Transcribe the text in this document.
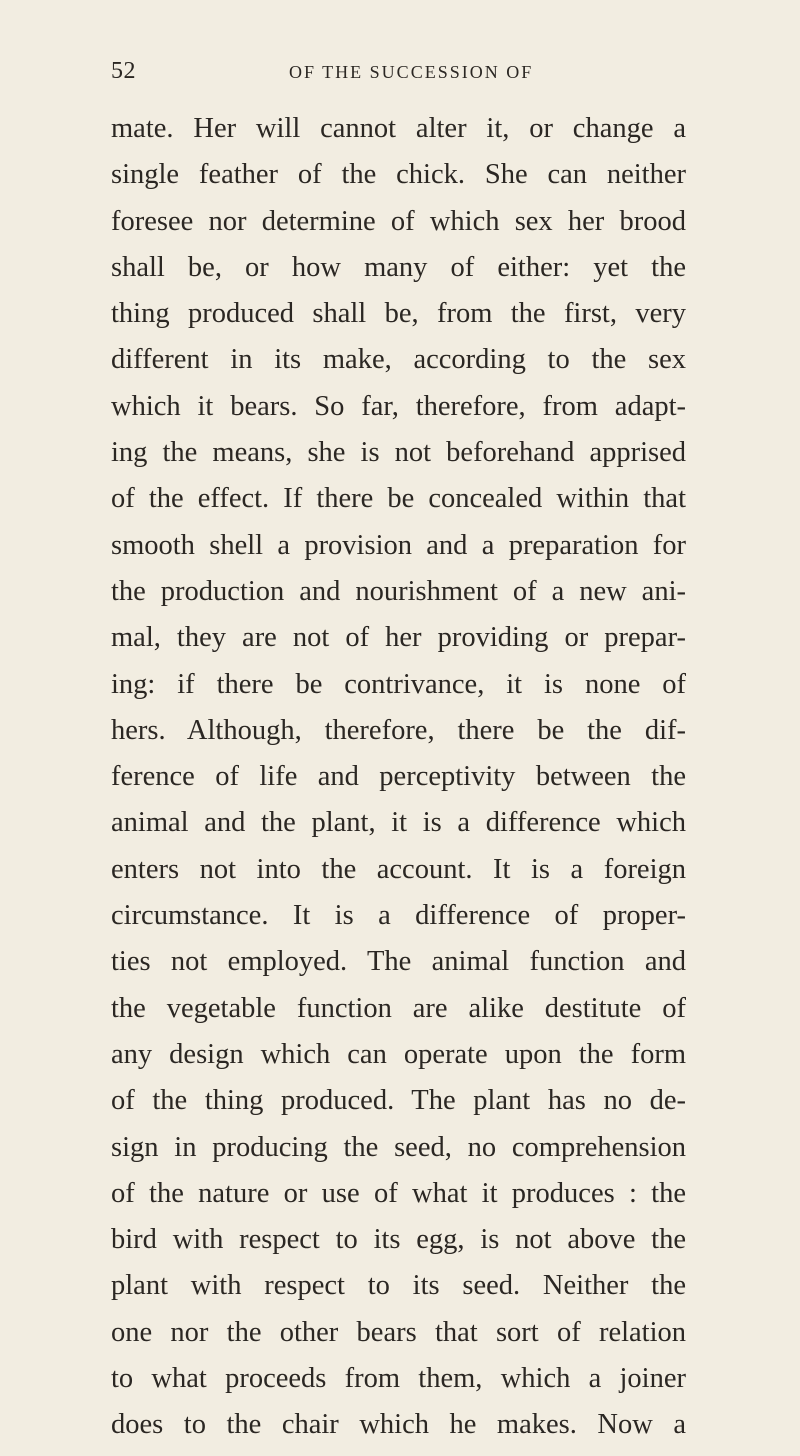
52	OF THE SUCCESSION OF
mate. Her will cannot alter it, or change a
single feather of the chick. She can neither
foresee nor determine of which sex her brood
shall be, or how many of either: yet the
thing produced shall be, from the first, very
different in its make, according to the sex
which it bears. So far, therefore, from adapt-
ing the means, she is not beforehand apprised
of the effect. If there be concealed within that
smooth shell a provision and a preparation for
the production and nourishment of a new ani-
mal, they are not of her providing or prepar-
ing: if there be contrivance, it is none of
hers. Although, therefore, there be the dif-
ference of life and perceptivity between the
animal and the plant, it is a difference which
enters not into the account. It is a foreign
circumstance. It is a difference of proper-
ties not employed. The animal function and
the vegetable function are alike destitute of
any design which can operate upon the form
of the thing produced. The plant has no de-
sign in producing the seed, no comprehension
of the nature or use of what it produces : the
bird with respect to its egg, is not above the
plant with respect to its seed. Neither the
one nor the other bears that sort of relation
to what proceeds from them, which a joiner
does to the chair which he makes. Now a
